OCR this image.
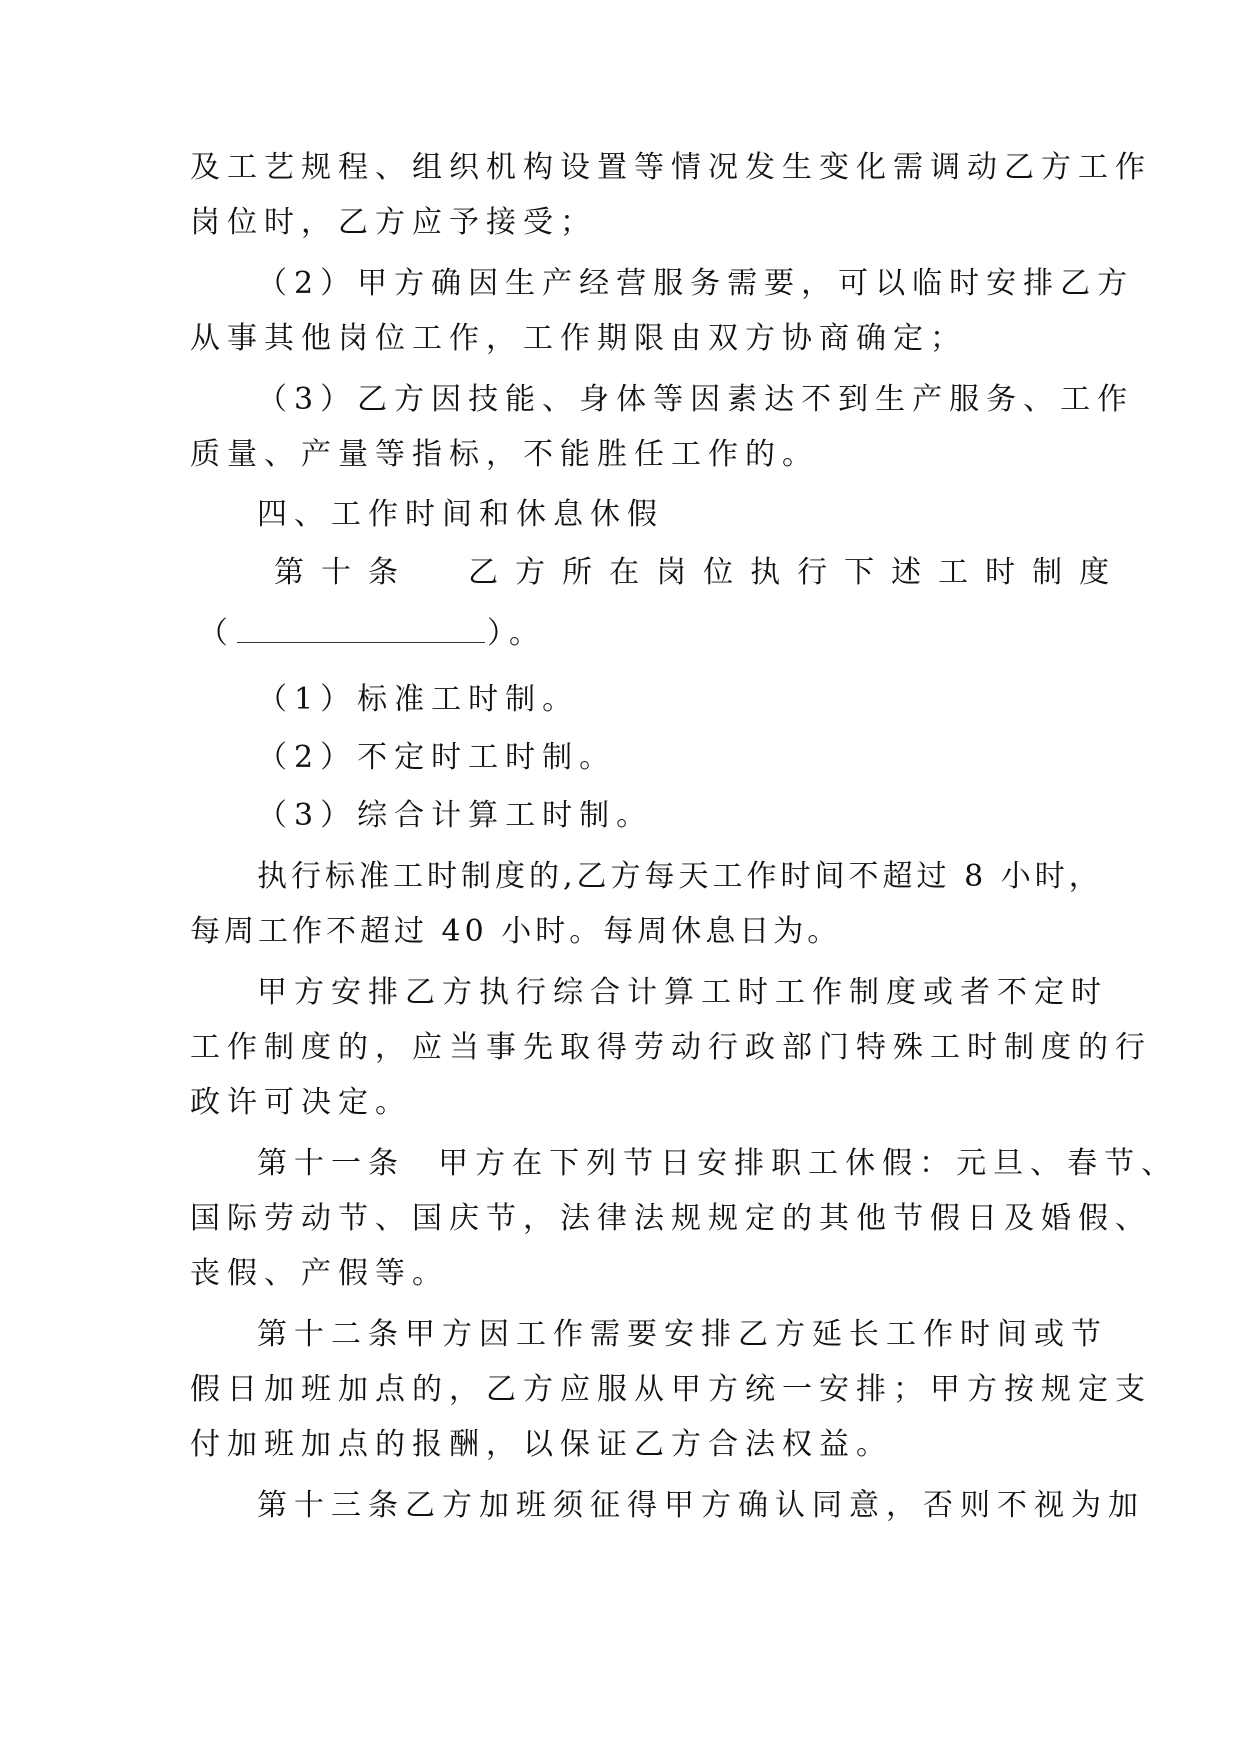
及工艺规程、组织机构设置等情况发生变化需调动乙方工作
岗位时，乙方应予接受；
（2）甲方确因生产经营服务需要，可以临时安排乙方
从事其他岗位工作，工作期限由双方协商确定；
（3）乙方因技能、身体等因素达不到生产服务、工作
质量、产量等指标，不能胜任工作的。
四、工作时间和休息休假
第十条  乙方所在岗位执行下述工时制度
（	）。
（1）标准工时制。
（2）不定时工时制。
（3）综合计算工时制。
执行标准工时制度的,乙方每天工作时间不超过 8 小时，
每周工作不超过 40 小时。每周休息日为。
甲方安排乙方执行综合计算工时工作制度或者不定时
工作制度的，应当事先取得劳动行政部门特殊工时制度的行
政许可决定。
第十一条  甲方在下列节日安排职工休假：元旦、春节、
国际劳动节、国庆节，法律法规规定的其他节假日及婚假、
丧假、产假等。
第十二条甲方因工作需要安排乙方延长工作时间或节
假日加班加点的，乙方应服从甲方统一安排；甲方按规定支
付加班加点的报酬，以保证乙方合法权益。
第十三条乙方加班须征得甲方确认同意，否则不视为加
